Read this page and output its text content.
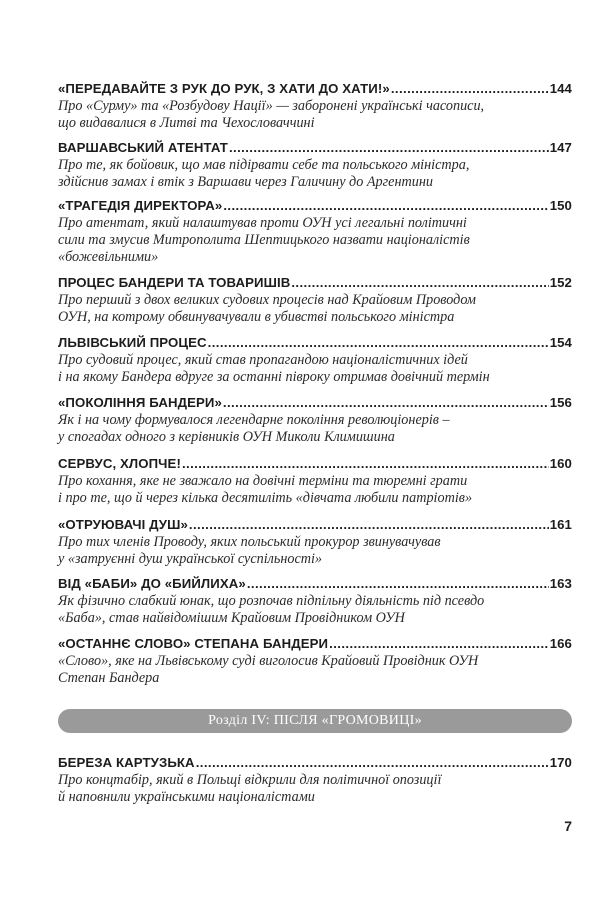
«ПЕРЕДАВАЙТЕ З РУК ДО РУК, З ХАТИ ДО ХАТИ!» .....	144
Про «Сурму» та «Розбудову Нації» — заборонені українські часописи,
що видавалися в Литві та Чехословаччині
ВАРШАВСЬКИЙ АТЕНТАТ .....	147
Про те, як бойовик, що мав підірвати себе та польського міністра,
здійснив замах і втік з Варшави через Галичину до Аргентини
«ТРАГЕДІЯ ДИРЕКТОРА» .....	150
Про атентат, який налаштував проти ОУН усі легальні політичні
сили та змусив Митрополита Шептицького назвати націоналістів
«божевільними»
ПРОЦЕС БАНДЕРИ ТА ТОВАРИШІВ .....	152
Про перший з двох великих судових процесів над Крайовим Проводом
ОУН, на котрому обвинувачували в убивстві польського міністра
ЛЬВІВСЬКИЙ ПРОЦЕС .....	154
Про судовий процес, який став пропагандою націоналістичних ідей
і на якому Бандера вдруге за останні півроку отримав довічний термін
«ПОКОЛІННЯ БАНДЕРИ» .....	156
Як і на чому формувалося легендарне покоління революціонерів –
у спогадах одного з керівників ОУН Миколи Климишина
СЕРВУС, ХЛОПЧЕ! .....	160
Про кохання, яке не зважало на довічні терміни та тюремні грати
і про те, що й через кілька десятиліть «дівчата любили патріотів»
«ОТРУЮВАЧІ ДУШ» .....	161
Про тих членів Проводу, яких польський прокурор звинувачував
у «затруєнні душ української суспільності»
ВІД «БАБИ» ДО «БИЙЛИХА» .....	163
Як фізично слабкий юнак, що розпочав підпільну діяльність під псевдо
«Баба», став найвідомішим Крайовим Провідником ОУН
«ОСТАННЄ СЛОВО» СТЕПАНА БАНДЕРИ .....	166
«Слово», яке на Львівському суді виголосив Крайовий Провідник ОУН
Степан Бандера
Розділ IV: ПІСЛЯ «ГРОМОВИЦІ»
БЕРЕЗА КАРТУЗЬКА .....	170
Про концтабір, який в Польщі відкрили для політичної опозиції
й наповнили українськими націоналістами
7
